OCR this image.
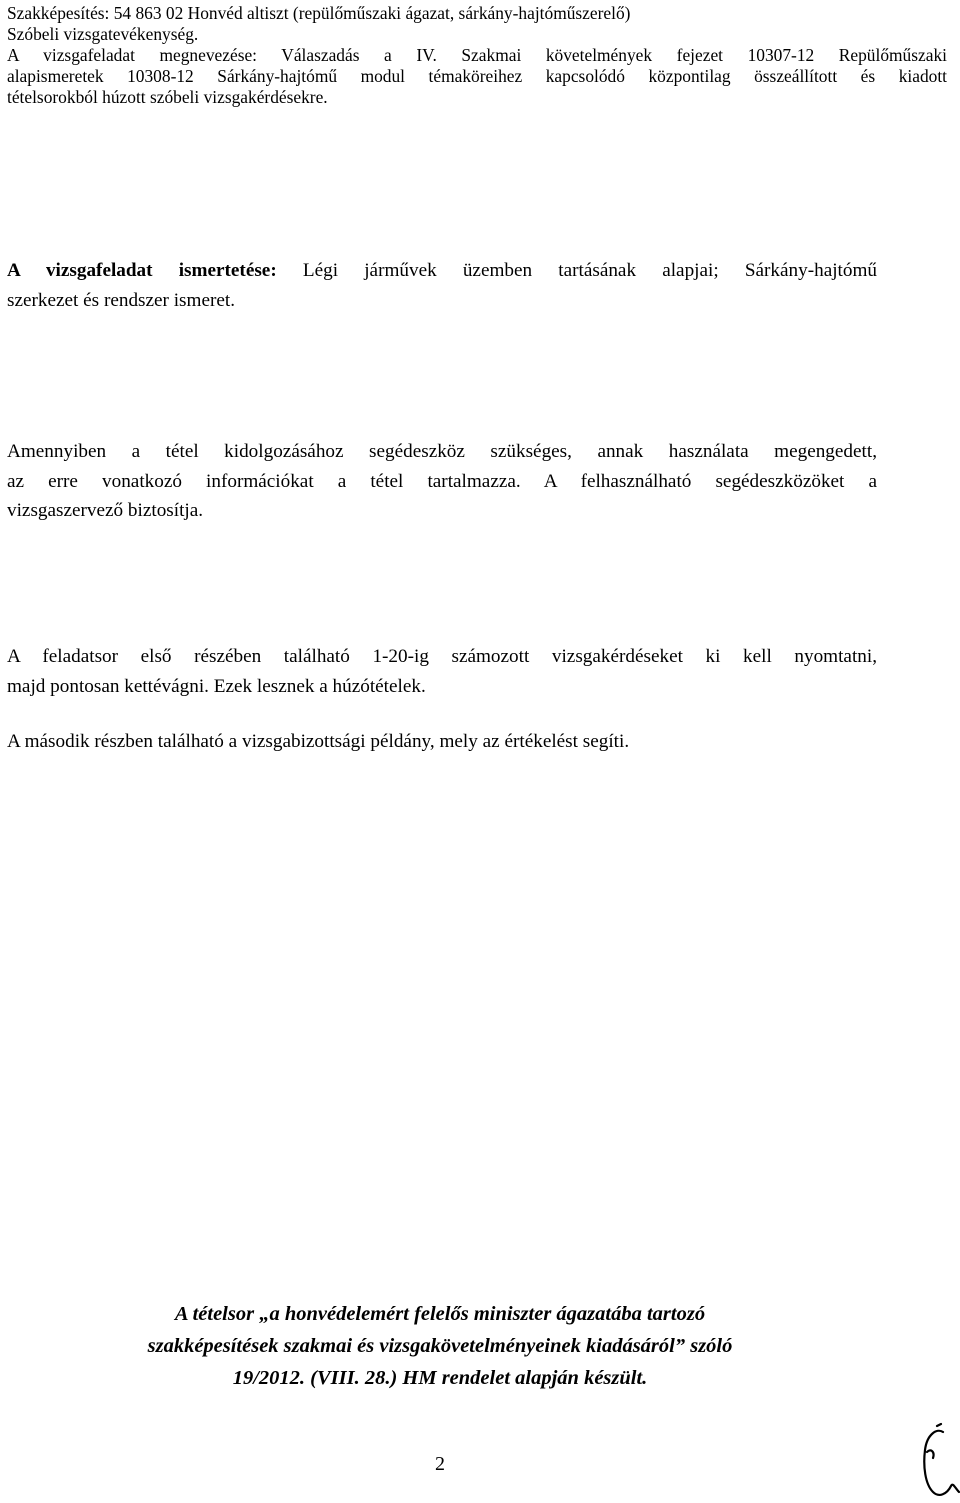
Szakképesítés: 54 863 02 Honvéd altiszt (repülőműszaki ágazat, sárkány-hajtóműszerelő)
Szóbeli vizsgatevékenység.
A vizsgafeladat megnevezése: Válaszadás a IV. Szakmai követelmények fejezet 10307-12 Repülőműszaki
alapismeretek 10308-12 Sárkány-hajtómű modul témaköreihez kapcsolódó központilag összeállított és kiadott
tételsorokból húzott szóbeli vizsgakérdésekre.
A vizsgafeladat ismertetése: Légi járművek üzemben tartásának alapjai; Sárkány-hajtómű
szerkezet és rendszer ismeret.
Amennyiben a tétel kidolgozásához segédeszköz szükséges, annak használata megengedett,
az erre vonatkozó információkat a tétel tartalmazza. A felhasználható segédeszközöket a
vizsgaszervező biztosítja.
A feladatsor első részében található 1-20-ig számozott vizsgakérdéseket ki kell nyomtatni,
majd pontosan kettévágni. Ezek lesznek a húzótételek.
A második részben található a vizsgabizottsági példány, mely az értékelést segíti.
A tételsor „a honvédelemért felelős miniszter ágazatába tartozó
szakképesítések szakmai és vizsgakövetelményeinek kiadásáról” szóló
19/2012. (VIII. 28.) HM rendelet alapján készült.
2
